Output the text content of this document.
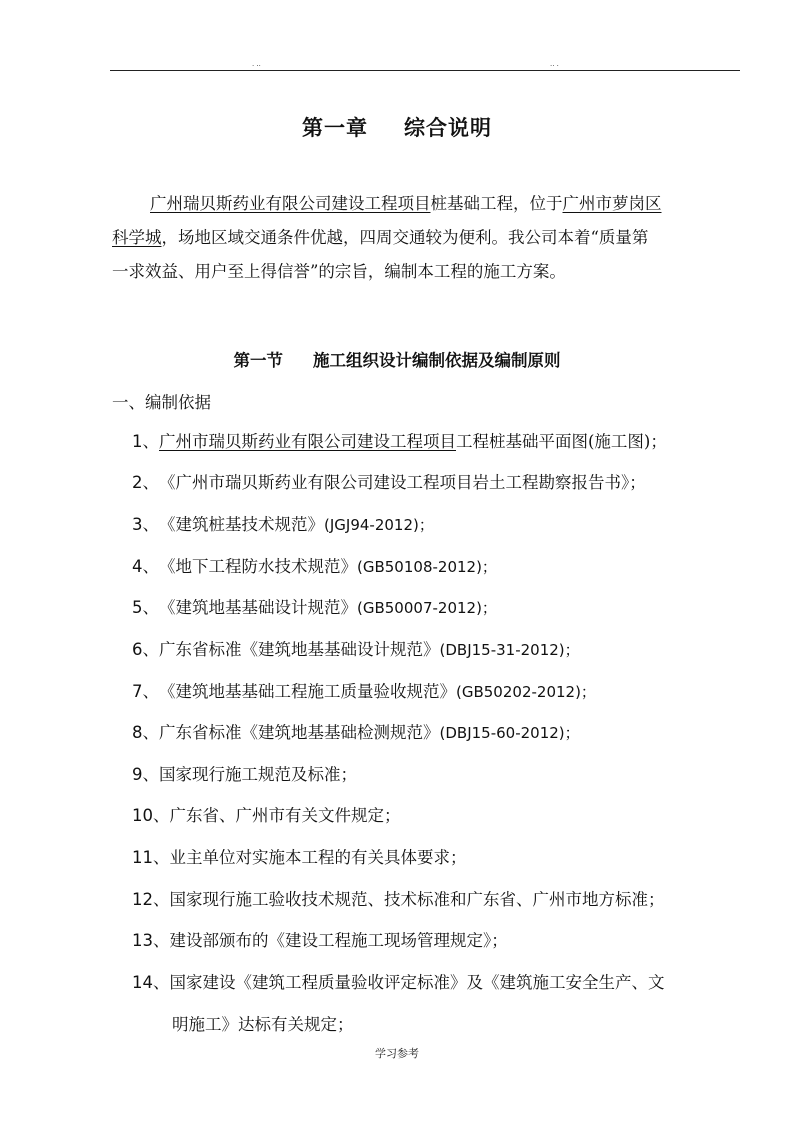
. ..	.. .
第一章 综合说明
广州瑞贝斯药业有限公司建设工程项目桩基础工程，位于广州市萝岗区
科学城，场地区域交通条件优越，四周交通较为便利。我公司本着“质量第
一求效益、用户至上得信誉”的宗旨，编制本工程的施工方案。
第一节 施工组织设计编制依据及编制原则
一、编制依据
1、广州市瑞贝斯药业有限公司建设工程项目工程桩基础平面图(施工图)；
2、《广州市瑞贝斯药业有限公司建设工程项目岩土工程勘察报告书》；
3、《建筑桩基技术规范》(JGJ94-2012)；
4、《地下工程防水技术规范》(GB50108-2012)；
5、《建筑地基基础设计规范》(GB50007-2012)；
6、广东省标准《建筑地基基础设计规范》(DBJ15-31-2012)；
7、《建筑地基基础工程施工质量验收规范》(GB50202-2012)；
8、广东省标准《建筑地基基础检测规范》(DBJ15-60-2012)；
9、国家现行施工规范及标准；
10、广东省、广州市有关文件规定；
11、业主单位对实施本工程的有关具体要求；
12、国家现行施工验收技术规范、技术标准和广东省、广州市地方标准；
13、建设部颁布的《建设工程施工现场管理规定》；
14、国家建设《建筑工程质量验收评定标准》及《建筑施工安全生产、文
明施工》达标有关规定；
学习参考
